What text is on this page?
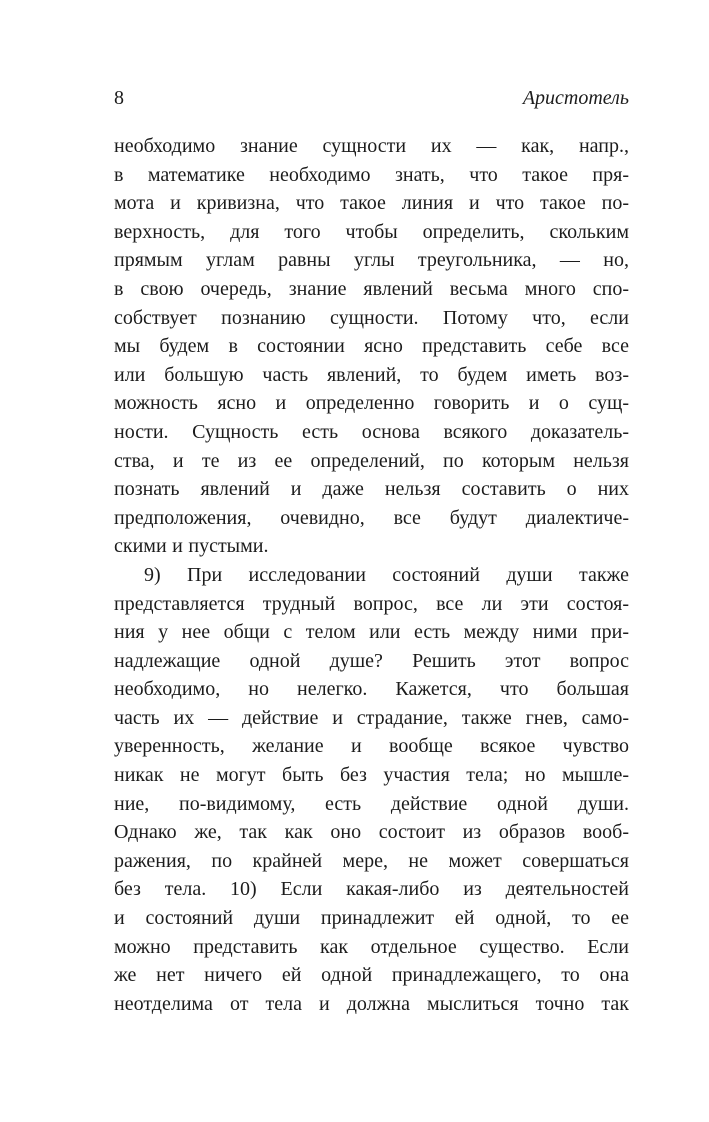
8	Аристотель
необходимо знание сущности их — как, напр.,
в математике необходимо знать, что такое пря-
мота и кривизна, что такое линия и что такое по-
верхность, для того чтобы определить, скольким
прямым углам равны углы треугольника, — но,
в свою очередь, знание явлений весьма много спо-
собствует познанию сущности. Потому что, если
мы будем в состоянии ясно представить себе все
или большую часть явлений, то будем иметь воз-
можность ясно и определенно говорить и о сущ-
ности. Сущность есть основа всякого доказатель-
ства, и те из ее определений, по которым нельзя
познать явлений и даже нельзя составить о них
предположения, очевидно, все будут диалектиче-
скими и пустыми.
9) При исследовании состояний души также
представляется трудный вопрос, все ли эти состоя-
ния у нее общи с телом или есть между ними при-
надлежащие одной душе? Решить этот вопрос
необходимо, но нелегко. Кажется, что большая
часть их — действие и страдание, также гнев, само-
уверенность, желание и вообще всякое чувство
никак не могут быть без участия тела; но мышле-
ние, по-видимому, есть действие одной души.
Однако же, так как оно состоит из образов вооб-
ражения, по крайней мере, не может совершаться
без тела. 10) Если какая-либо из деятельностей
и состояний души принадлежит ей одной, то ее
можно представить как отдельное существо. Если
же нет ничего ей одной принадлежащего, то она
неотделима от тела и должна мыслиться точно так
